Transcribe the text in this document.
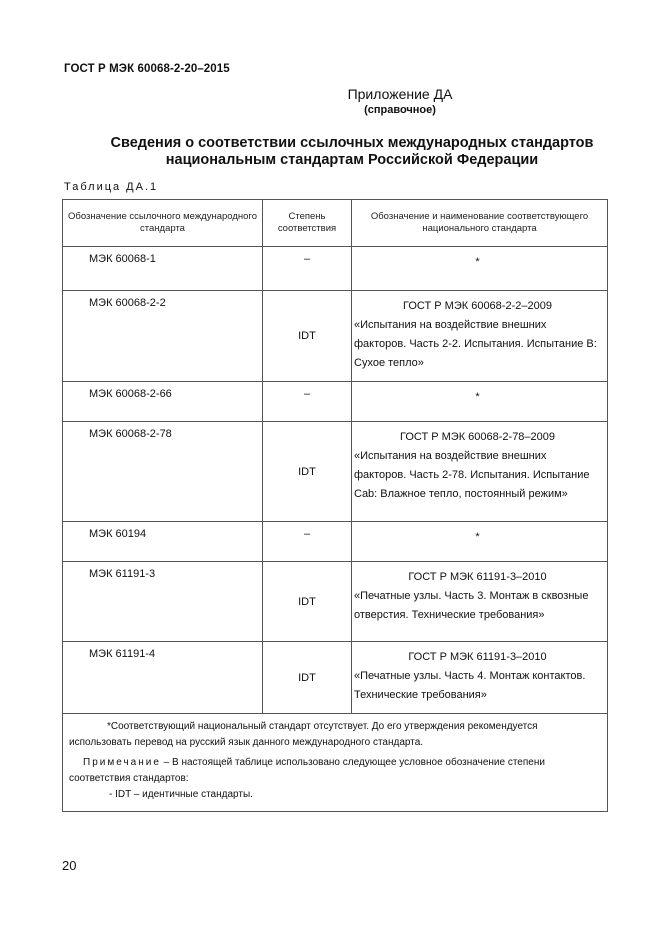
ГОСТ Р МЭК 60068-2-20–2015
Приложение ДА
(справочное)
Сведения о соответствии ссылочных международных стандартов
национальным стандартам Российской Федерации
Таблица ДА.1
Обозначение ссылочного международного стандарта	Степень соответствия	Обозначение и наименование соответствующего национального стандарта
МЭК 60068-1	–	*

МЭК 60068-2-2	IDT	ГОСТ Р МЭК 60068-2-2–2009
«Испытания на воздействие внешних факторов. Часть 2-2. Испытания. Испытание В: Сухое тепло»

МЭК 60068-2-66	–	*

МЭК 60068-2-78	IDT	ГОСТ Р МЭК 60068-2-78–2009
«Испытания на воздействие внешних факторов. Часть 2-78. Испытания. Испытание Cab: Влажное тепло, постоянный режим»

МЭК 60194	–	*

МЭК 61191-3	IDT	ГОСТ Р МЭК 61191-3–2010
«Печатные узлы. Часть 3. Монтаж в сквозные отверстия. Технические требования»

МЭК 61191-4	IDT	ГОСТ Р МЭК 61191-3–2010
«Печатные узлы. Часть 4. Монтаж контактов. Технические требования»

*Соответствующий национальный стандарт отсутствует. До его утверждения рекомендуется использовать перевод на русский язык данного международного стандарта.

Примечание – В настоящей таблице использовано следующее условное обозначение степени соответствия стандартов:

- IDT – идентичные стандарты.		

20
